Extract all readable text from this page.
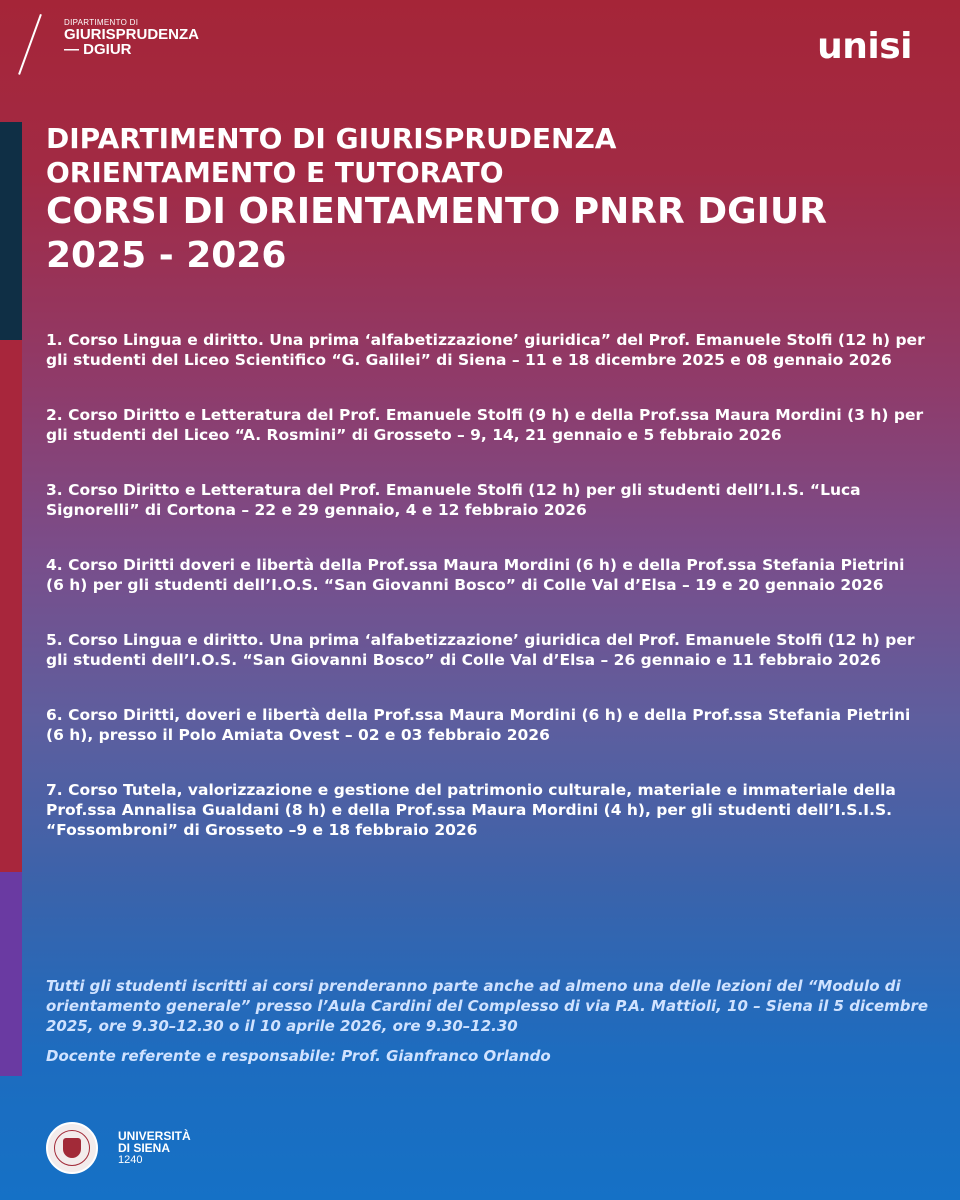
DIPARTIMENTO DI
GIURISPRUDENZA
— DGIUR	unisi
DIPARTIMENTO DI GIURISPRUDENZA
ORIENTAMENTO E TUTORATO
CORSI DI ORIENTAMENTO PNRR DGIUR
2025 - 2026
1. Corso Lingua e diritto. Una prima ‘alfabetizzazione’ giuridica” del Prof. Emanuele Stolfi (12 h) per gli studenti del Liceo Scientifico “G. Galilei” di Siena – 11 e 18 dicembre 2025 e 08 gennaio 2026
2. Corso Diritto e Letteratura del Prof. Emanuele Stolfi (9 h) e della Prof.ssa Maura Mordini (3 h) per gli studenti del Liceo “A. Rosmini” di Grosseto – 9, 14, 21 gennaio e 5 febbraio 2026
3. Corso Diritto e Letteratura del Prof. Emanuele Stolfi (12 h) per gli studenti dell’I.I.S. “Luca Signorelli” di Cortona – 22 e 29 gennaio, 4 e 12 febbraio 2026
4. Corso Diritti doveri e libertà della Prof.ssa Maura Mordini (6 h) e della Prof.ssa Stefania Pietrini (6 h) per gli studenti dell’I.O.S. “San Giovanni Bosco” di Colle Val d’Elsa – 19 e 20 gennaio 2026
5. Corso Lingua e diritto. Una prima ‘alfabetizzazione’ giuridica del Prof. Emanuele Stolfi (12 h) per gli studenti dell’I.O.S. “San Giovanni Bosco” di Colle Val d’Elsa – 26 gennaio e 11 febbraio 2026
6. Corso Diritti, doveri e libertà della Prof.ssa Maura Mordini (6 h) e della Prof.ssa Stefania Pietrini (6 h), presso il Polo Amiata Ovest – 02 e 03 febbraio 2026
7. Corso Tutela, valorizzazione e gestione del patrimonio culturale, materiale e immateriale della Prof.ssa Annalisa Gualdani (8 h) e della Prof.ssa Maura Mordini (4 h), per gli studenti dell’I.S.I.S. “Fossombroni” di Grosseto –9 e 18 febbraio 2026

Tutti gli studenti iscritti ai corsi prenderanno parte anche ad almeno una delle lezioni del “Modulo di orientamento generale” presso l’Aula Cardini del Complesso di via P.A. Mattioli, 10 – Siena il 5 dicembre 2025, ore 9.30–12.30 o il 10 aprile 2026, ore 9.30–12.30

Docente referente e responsabile: Prof. Gianfranco Orlando

UNIVERSITÀ
DI SIENA
1240
